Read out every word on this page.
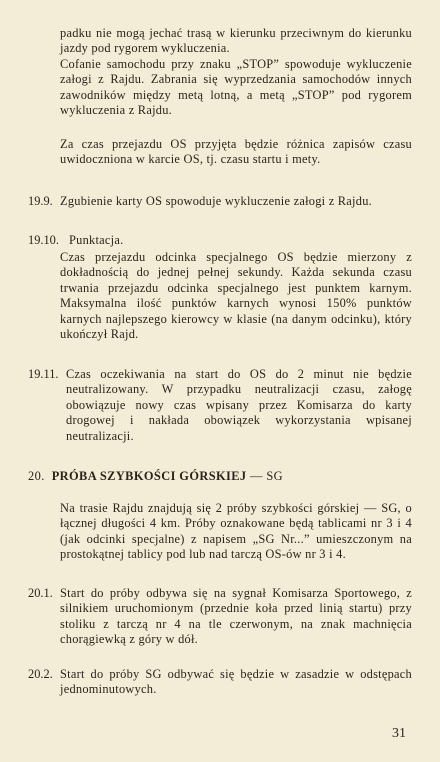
padku nie mogą jechać trasą w kierunku przeciwnym do kierunku jazdy pod rygorem wykluczenia.

Cofanie samochodu przy znaku „STOP” spowoduje wykluczenie załogi z Rajdu. Zabrania się wyprzedzania samochodów innych zawodników między metą lotną, a metą „STOP” pod rygorem wykluczenia z Rajdu.

Za czas przejazdu OS przyjęta będzie różnica zapisów czasu uwidoczniona w karcie OS, tj. czasu startu i mety.

19.9. Zgubienie karty OS spowoduje wykluczenie załogi z Rajdu.

19.10. Punktacja.

Czas przejazdu odcinka specjalnego OS będzie mierzony z dokładnością do jednej pełnej sekundy. Każda sekunda czasu trwania przejazdu odcinka specjalnego jest punktem karnym. Maksymalna ilość punktów karnych wynosi 150% punktów karnych najlepszego kierowcy w klasie (na danym odcinku), który ukończył Rajd.

19.11. Czas oczekiwania na start do OS do 2 minut nie będzie neutralizowany. W przypadku neutralizacji czasu, załogę obowiązuje nowy czas wpisany przez Komisarza do karty drogowej i nakłada obowiązek wykorzystania wpisanej neutralizacji.

20. PRÓBA SZYBKOŚCI GÓRSKIEJ — SG

Na trasie Rajdu znajdują się 2 próby szybkości górskiej — SG, o łącznej długości 4 km. Próby oznakowane będą tablicami nr 3 i 4 (jak odcinki specjalne) z napisem „SG Nr...” umieszczonym na prostokątnej tablicy pod lub nad tarczą OS-ów nr 3 i 4.

20.1. Start do próby odbywa się na sygnał Komisarza Sportowego, z silnikiem uruchomionym (przednie koła przed linią startu) przy stoliku z tarczą nr 4 na tle czerwonym, na znak machnięcia chorągiewką z góry w dół.

20.2. Start do próby SG odbywać się będzie w zasadzie w odstępach jednominutowych.

31
